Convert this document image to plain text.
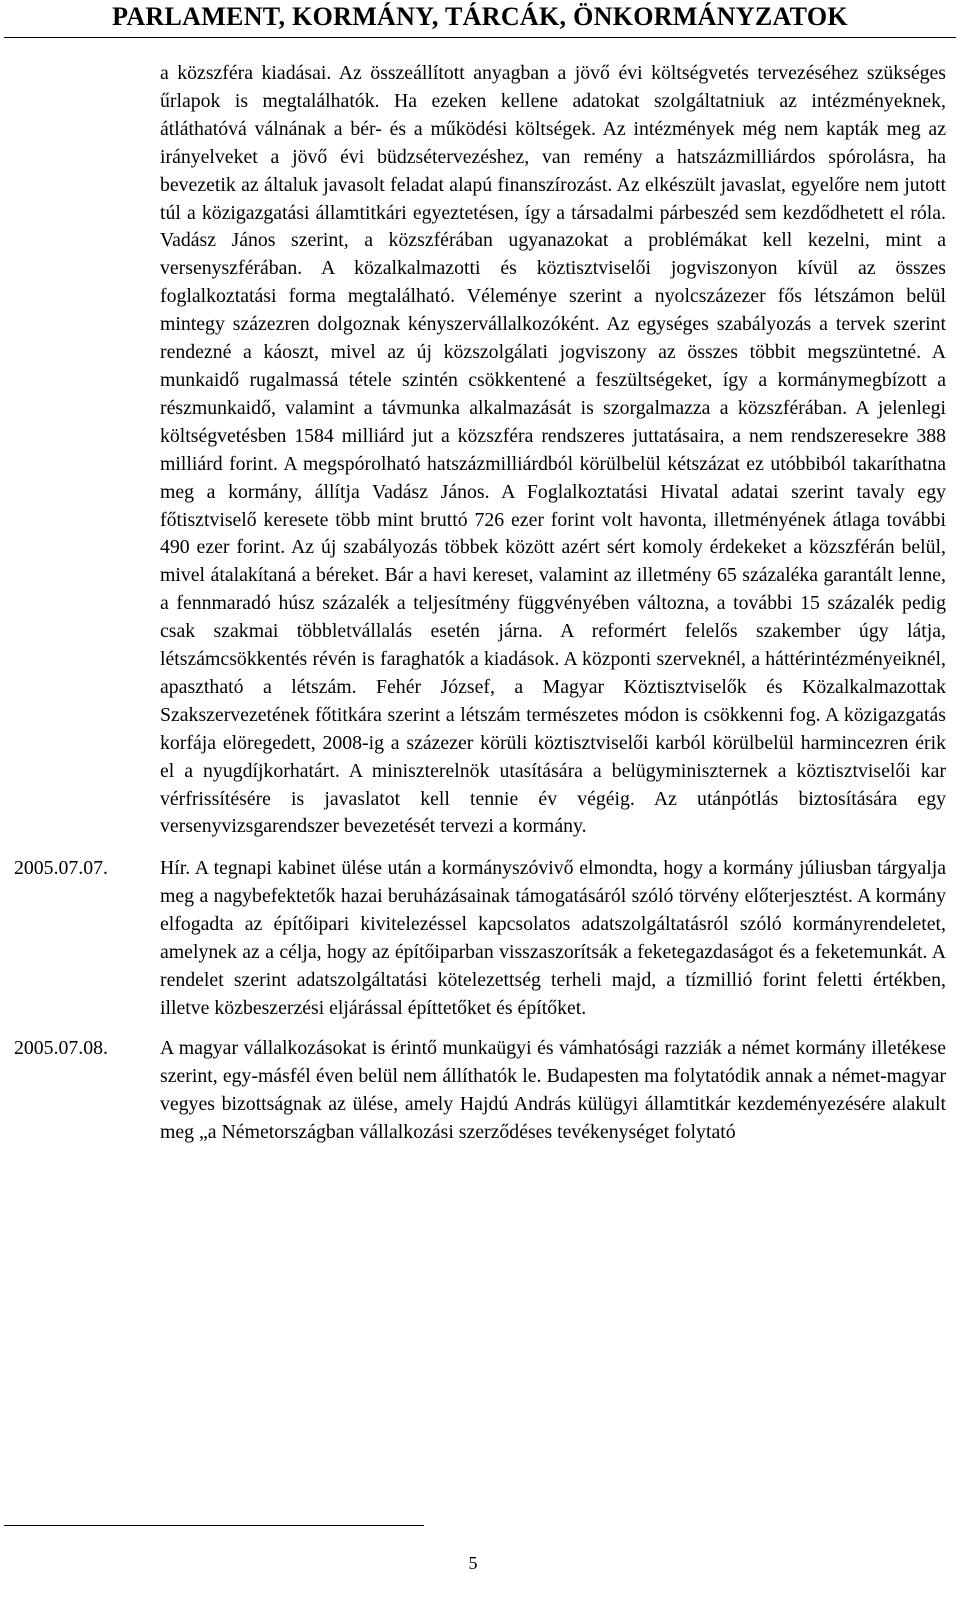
PARLAMENT, KORMÁNY, TÁRCÁK, ÖNKORMÁNYZATOK

a közszféra kiadásai. Az összeállított anyagban a jövő évi költségvetés tervezéséhez szükséges űrlapok is megtalálhatók. Ha ezeken kellene adatokat szolgáltatniuk az intézményeknek, átláthatóvá válnának a bér- és a működési költségek. Az intézmények még nem kapták meg az irányelveket a jövő évi büdzsétervezéshez, van remény a hatszázmilliárdos spórolásra, ha bevezetik az általuk javasolt feladat alapú finanszírozást. Az elkészült javaslat, egyelőre nem jutott túl a közigazgatási államtitkári egyeztetésen, így a társadalmi párbeszéd sem kezdődhetett el róla. Vadász János szerint, a közszférában ugyanazokat a problémákat kell kezelni, mint a versenyszférában. A közalkalmazotti és köztisztviselői jogviszonyon kívül az összes foglalkoztatási forma megtalálható. Véleménye szerint a nyolcszázezer fős létszámon belül mintegy százezren dolgoznak kényszervállalkozóként. Az egységes szabályozás a tervek szerint rendezné a káoszt, mivel az új közszolgálati jogviszony az összes többit megszüntetné. A munkaidő rugalmassá tétele szintén csökkentené a feszültségeket, így a kormánymegbízott a részmunkaidő, valamint a távmunka alkalmazását is szorgalmazza a közszférában. A jelenlegi költségvetésben 1584 milliárd jut a közszféra rendszeres juttatásaira, a nem rendszeresekre 388 milliárd forint. A megspórolható hatszázmilliárdból körülbelül kétszázat ez utóbbiból takaríthatna meg a kormány, állítja Vadász János. A Foglalkoztatási Hivatal adatai szerint tavaly egy főtisztviselő keresete több mint bruttó 726 ezer forint volt havonta, illetményének átlaga további 490 ezer forint. Az új szabályozás többek között azért sért komoly érdekeket a közszférán belül, mivel átalakítaná a béreket. Bár a havi kereset, valamint az illetmény 65 százaléka garantált lenne, a fennmaradó húsz százalék a teljesítmény függvényében változna, a további 15 százalék pedig csak szakmai többletvállalás esetén járna. A reformért felelős szakember úgy látja, létszámcsökkentés révén is faraghatók a kiadások. A központi szerveknél, a háttérintézményeiknél, apasztható a létszám. Fehér József, a Magyar Köztisztviselők és Közalkalmazottak Szakszervezetének főtitkára szerint a létszám természetes módon is csökkenni fog. A közigazgatás korfája elöregedett, 2008-ig a százezer körüli köztisztviselői karból körülbelül harmincezren érik el a nyugdíjkorhatárt. A miniszterelnök utasítására a belügyminiszternek a köztisztviselői kar vérfrissítésére is javaslatot kell tennie év végéig. Az utánpótlás biztosítására egy versenyvizsgarendszer bevezetését tervezi a kormány.

2005.07.07.	Hír. A tegnapi kabinet ülése után a kormányszóvivő elmondta, hogy a kormány júliusban tárgyalja meg a nagybefektetők hazai beruházásainak támogatásáról szóló törvény előterjesztést. A kormány elfogadta az építőipari kivitelezéssel kapcsolatos adatszolgáltatásról szóló kormányrendeletet, amelynek az a célja, hogy az építőiparban visszaszorítsák a feketegazdaságot és a feketemunkát. A rendelet szerint adatszolgáltatási kötelezettség terheli majd, a tízmillió forint feletti értékben, illetve közbeszerzési eljárással építtetőket és építőket.

2005.07.08.	A magyar vállalkozásokat is érintő munkaügyi és vámhatósági razziák a német kormány illetékese szerint, egy-másfél éven belül nem állíthatók le. Budapesten ma folytatódik annak a német-magyar vegyes bizottságnak az ülése, amely Hajdú András külügyi államtitkár kezdeményezésére alakult meg „a Németországban vállalkozási szerződéses tevékenységet folytató

5
